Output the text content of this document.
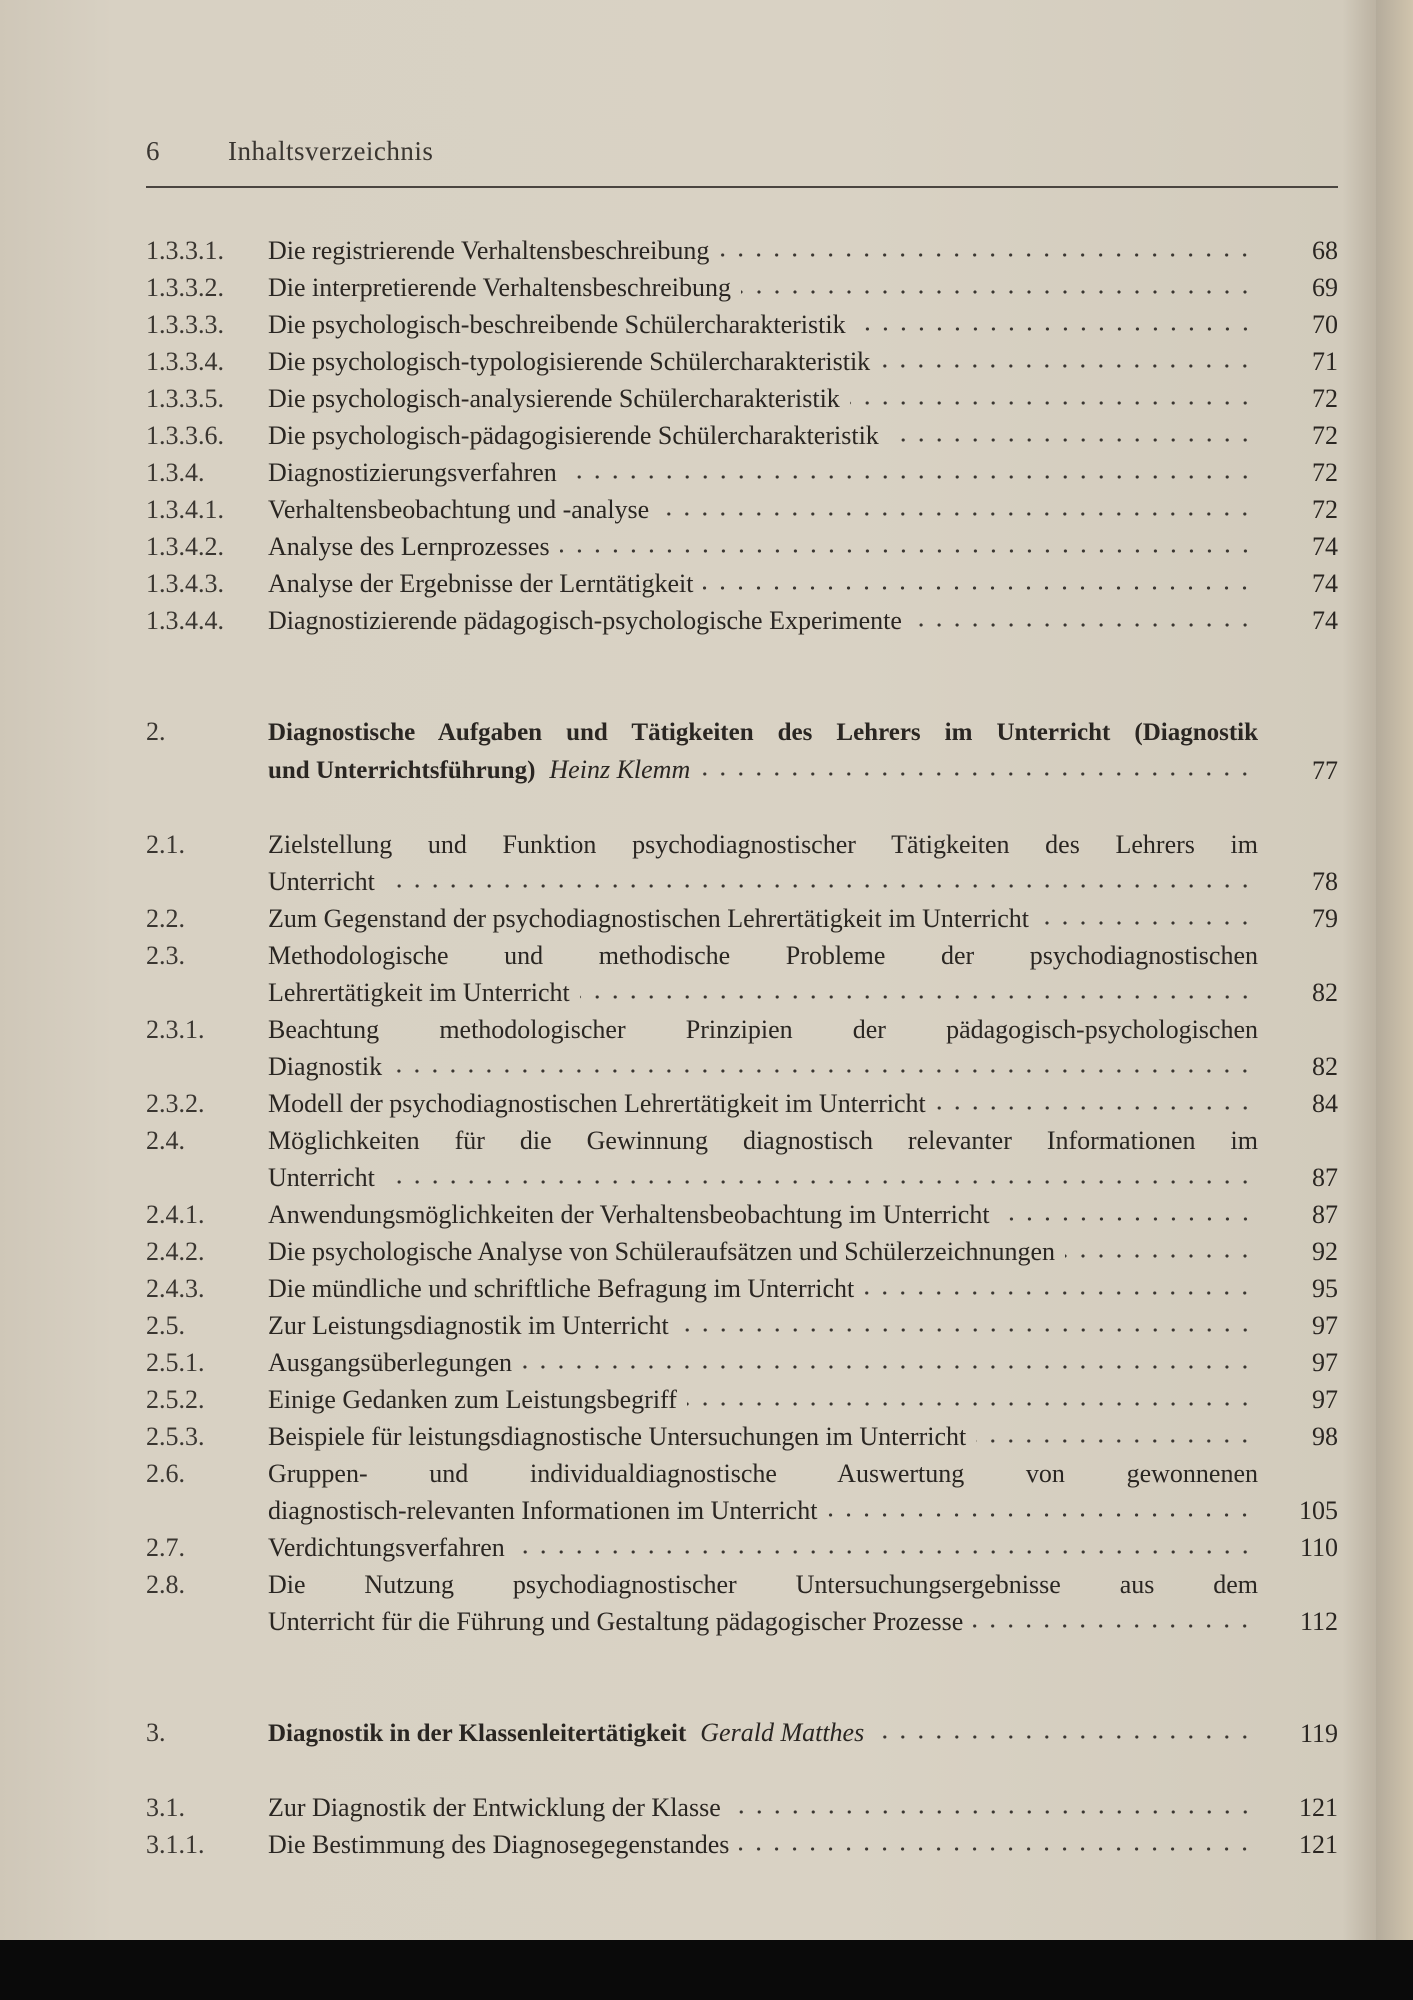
6	Inhaltsverzeichnis
1.3.3.1.	Die registrierende Verhaltensbeschreibung	68
1.3.3.2.	Die interpretierende Verhaltensbeschreibung	69
1.3.3.3.	Die psychologisch-beschreibende Schülercharakteristik	70
1.3.3.4.	Die psychologisch-typologisierende Schülercharakteristik	71
1.3.3.5.	Die psychologisch-analysierende Schülercharakteristik	72
1.3.3.6.	Die psychologisch-pädagogisierende Schülercharakteristik	72
1.3.4.	Diagnostizierungsverfahren	72
1.3.4.1.	Verhaltensbeobachtung und -analyse	72
1.3.4.2.	Analyse des Lernprozesses	74
1.3.4.3.	Analyse der Ergebnisse der Lerntätigkeit	74
1.3.4.4.	Diagnostizierende pädagogisch-psychologische Experimente	74
2.	Diagnostische Aufgaben und Tätigkeiten des Lehrers im Unterricht (Diagnostik
und Unterrichtsführung) Heinz Klemm	77
2.1.	Zielstellung und Funktion psychodiagnostischer Tätigkeiten des Lehrers im
Unterricht	78
2.2.	Zum Gegenstand der psychodiagnostischen Lehrertätigkeit im Unterricht	79
2.3.	Methodologische und methodische Probleme der psychodiagnostischen
Lehrertätigkeit im Unterricht	82
2.3.1.	Beachtung methodologischer Prinzipien der pädagogisch-psychologischen
Diagnostik	82
2.3.2.	Modell der psychodiagnostischen Lehrertätigkeit im Unterricht	84
2.4.	Möglichkeiten für die Gewinnung diagnostisch relevanter Informationen im
Unterricht	87
2.4.1.	Anwendungsmöglichkeiten der Verhaltensbeobachtung im Unterricht	87
2.4.2.	Die psychologische Analyse von Schüleraufsätzen und Schülerzeichnungen	92
2.4.3.	Die mündliche und schriftliche Befragung im Unterricht	95
2.5.	Zur Leistungsdiagnostik im Unterricht	97
2.5.1.	Ausgangsüberlegungen	97
2.5.2.	Einige Gedanken zum Leistungsbegriff	97
2.5.3.	Beispiele für leistungsdiagnostische Untersuchungen im Unterricht	98
2.6.	Gruppen- und individualdiagnostische Auswertung von gewonnenen
diagnostisch-relevanten Informationen im Unterricht	105
2.7.	Verdichtungsverfahren	110
2.8.	Die Nutzung psychodiagnostischer Untersuchungsergebnisse aus dem
Unterricht für die Führung und Gestaltung pädagogischer Prozesse	112
3.	Diagnostik in der Klassenleitertätigkeit Gerald Matthes	119
3.1.	Zur Diagnostik der Entwicklung der Klasse	121
3.1.1.	Die Bestimmung des Diagnosegegenstandes	121
